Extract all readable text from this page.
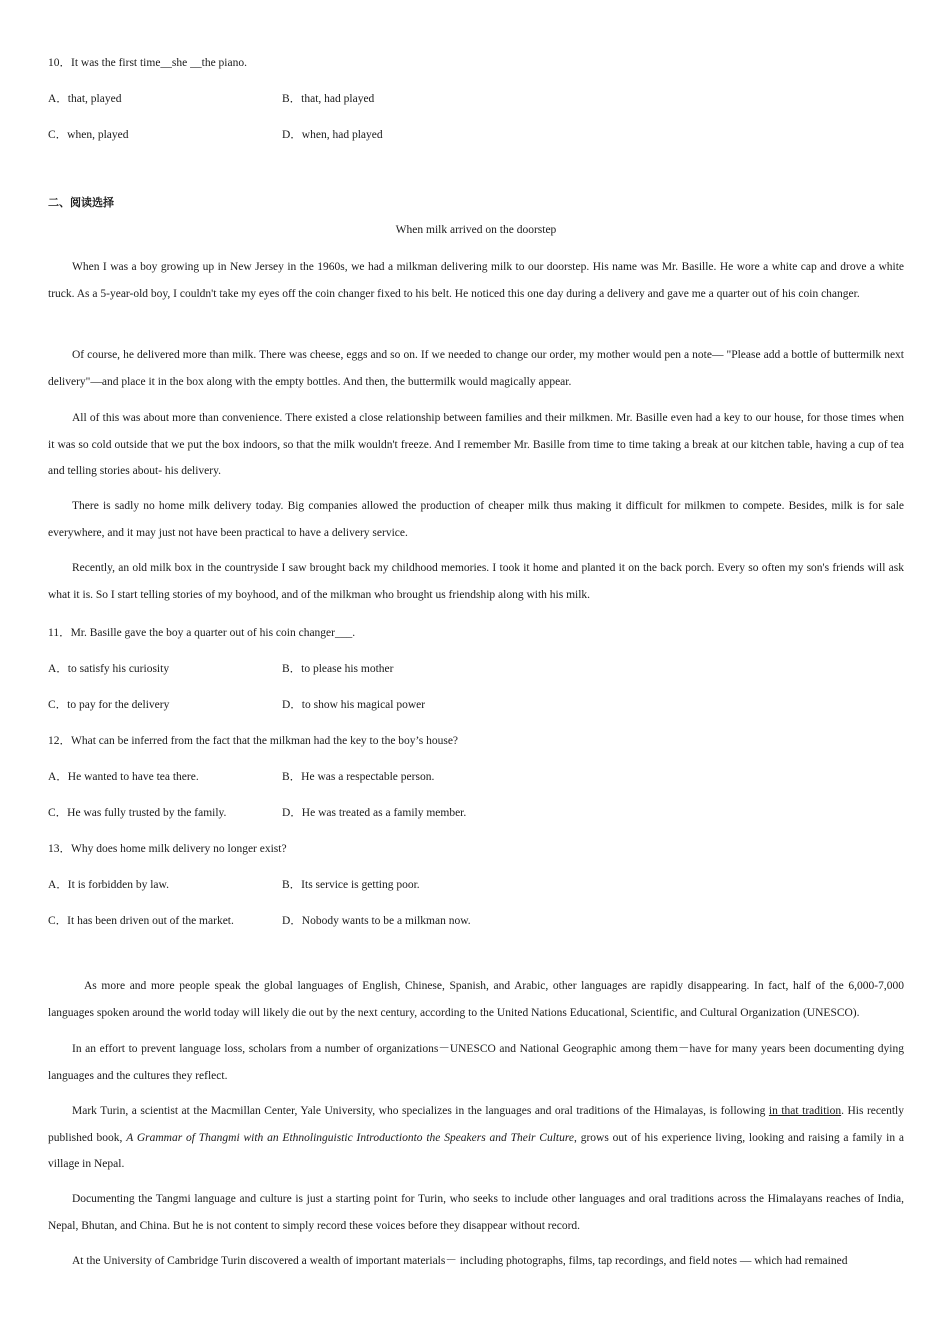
10．It was the first time__she __the piano.
A．that, played	B．that, had played
C．when, played	D．when, had played
二、阅读选择
When milk arrived on the doorstep
When I was a boy growing up in New Jersey in the 1960s, we had a milkman delivering milk to our doorstep. His name was Mr. Basille. He wore a white cap and drove a white truck. As a 5-year-old boy, I couldn't take my eyes off the coin changer fixed to his belt. He noticed this one day during a delivery and gave me a quarter out of his coin changer.
Of course, he delivered more than milk. There was cheese, eggs and so on. If we needed to change our order, my mother would pen a note— "Please add a bottle of buttermilk next delivery"—and place it in the box along with the empty bottles. And then, the buttermilk would magically appear.
All of this was about more than convenience. There existed a close relationship between families and their milkmen. Mr. Basille even had a key to our house, for those times when it was so cold outside that we put the box indoors, so that the milk wouldn't freeze. And I remember Mr. Basille from time to time taking a break at our kitchen table, having a cup of tea and telling stories about- his delivery.
There is sadly no home milk delivery today. Big companies allowed the production of cheaper milk thus making it difficult for milkmen to compete. Besides, milk is for sale everywhere, and it may just not have been practical to have a delivery service.
Recently, an old milk box in the countryside I saw brought back my childhood memories. I took it home and planted it on the back porch. Every so often my son's friends will ask what it is. So I start telling stories of my boyhood, and of the milkman who brought us friendship along with his milk.
11．Mr. Basille gave the boy a quarter out of his coin changer___.
A．to satisfy his curiosity	B．to please his mother
C．to pay for the delivery	D．to show his magical power
12．What can be inferred from the fact that the milkman had the key to the boy’s house?
A．He wanted to have tea there.	B．He was a respectable person.
C．He was fully trusted by the family.	D．He was treated as a family member.
13．Why does home milk delivery no longer exist?
A．It is forbidden by law.	B．Its service is getting poor.
C．It has been driven out of the market.	D．Nobody wants to be a milkman now.
As more and more people speak the global languages of English, Chinese, Spanish, and Arabic, other languages are rapidly disappearing. In fact, half of the 6,000-7,000 languages spoken around the world today will likely die out by the next century, according to the United Nations Educational, Scientific, and Cultural Organization (UNESCO).
In an effort to prevent language loss, scholars from a number of organizations－UNESCO and National Geographic among them－have for many years been documenting dying languages and the cultures they reflect.
Mark Turin, a scientist at the Macmillan Center, Yale University, who specializes in the languages and oral traditions of the Himalayas, is following in that tradition. His recently published book, A Grammar of Thangmi with an Ethnolinguistic Introductionto the Speakers and Their Culture, grows out of his experience living, looking and raising a family in a village in Nepal.
Documenting the Tangmi language and culture is just a starting point for Turin, who seeks to include other languages and oral traditions across the Himalayans reaches of India, Nepal, Bhutan, and China. But he is not content to simply record these voices before they disappear without record.
At the University of Cambridge Turin discovered a wealth of important materials－ including photographs, films, tap recordings, and field notes — which had remained
